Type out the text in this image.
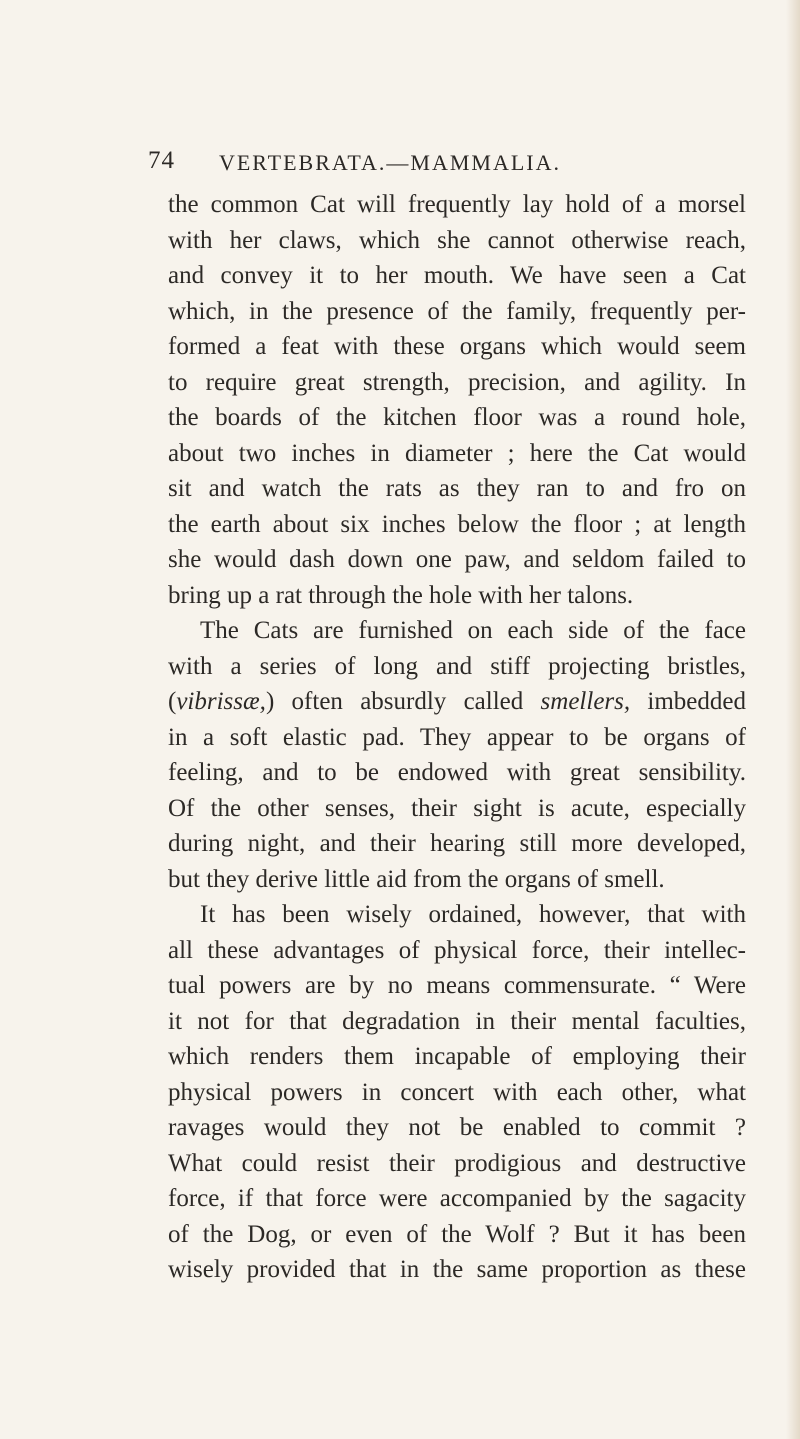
74	VERTEBRATA.—MAMMALIA.
the common Cat will frequently lay hold of a morsel
with her claws, which she cannot otherwise reach,
and convey it to her mouth. We have seen a Cat
which, in the presence of the family, frequently per-
formed a feat with these organs which would seem
to require great strength, precision, and agility. In
the boards of the kitchen floor was a round hole,
about two inches in diameter ; here the Cat would
sit and watch the rats as they ran to and fro on
the earth about six inches below the floor ; at length
she would dash down one paw, and seldom failed to
bring up a rat through the hole with her talons.
The Cats are furnished on each side of the face
with a series of long and stiff projecting bristles,
(vibrissæ,) often absurdly called smellers, imbedded
in a soft elastic pad. They appear to be organs of
feeling, and to be endowed with great sensibility.
Of the other senses, their sight is acute, especially
during night, and their hearing still more developed,
but they derive little aid from the organs of smell.
It has been wisely ordained, however, that with
all these advantages of physical force, their intellec-
tual powers are by no means commensurate. “ Were
it not for that degradation in their mental faculties,
which renders them incapable of employing their
physical powers in concert with each other, what
ravages would they not be enabled to commit ?
What could resist their prodigious and destructive
force, if that force were accompanied by the sagacity
of the Dog, or even of the Wolf ? But it has been
wisely provided that in the same proportion as these
